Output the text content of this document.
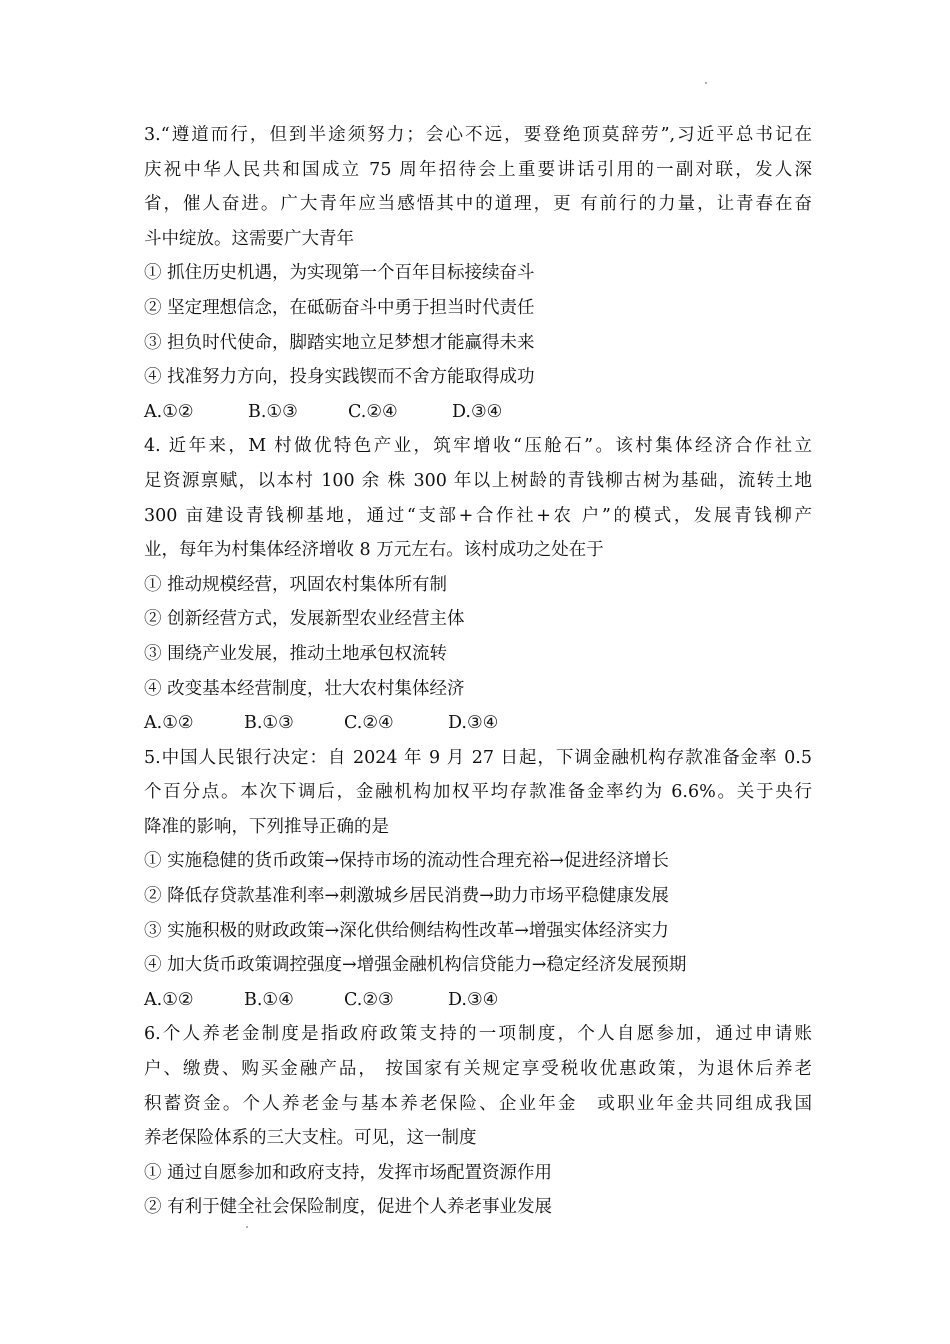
3.“遵道而行，但到半途须努力；会心不远，要登绝顶莫辞劳”,习近平总书记在
庆祝中华人民共和国成立 75 周年招待会上重要讲话引用的一副对联，发人深
省，催人奋进。广大青年应当感悟其中的道理，更 有前行的力量，让青春在奋
斗中绽放。这需要广大青年
① 抓住历史机遇，为实现第一个百年目标接续奋斗
② 坚定理想信念，在砥砺奋斗中勇于担当时代责任
③ 担负时代使命，脚踏实地立足梦想才能赢得未来
④ 找准努力方向，投身实践锲而不舍方能取得成功
A.①②	B.①③	C.②④	D.③④
4. 近年来，M 村做优特色产业，筑牢增收“压舱石”。该村集体经济合作社立
足资源禀赋，以本村 100 余 株 300 年以上树龄的青钱柳古树为基础，流转土地
300 亩建设青钱柳基地，通过“支部+合作社+农 户”的模式，发展青钱柳产
业，每年为村集体经济增收 8 万元左右。该村成功之处在于
① 推动规模经营，巩固农村集体所有制
② 创新经营方式，发展新型农业经营主体
③ 围绕产业发展，推动土地承包权流转
④ 改变基本经营制度，壮大农村集体经济
A.①②	B.①③	C.②④	D.③④
5.中国人民银行决定：自 2024 年 9 月 27 日起，下调金融机构存款准备金率 0.5
个百分点。本次下调后，金融机构加权平均存款准备金率约为 6.6%。关于央行
降准的影响，下列推导正确的是
① 实施稳健的货币政策→保持市场的流动性合理充裕→促进经济增长
② 降低存贷款基准利率→刺激城乡居民消费→助力市场平稳健康发展
③ 实施积极的财政政策→深化供给侧结构性改革→增强实体经济实力
④ 加大货币政策调控强度→增强金融机构信贷能力→稳定经济发展预期
A.①②	B.①④	C.②③	D.③④
6.个人养老金制度是指政府政策支持的一项制度，个人自愿参加，通过申请账
户、缴费、购买金融产品， 按国家有关规定享受税收优惠政策，为退休后养老
积蓄资金。个人养老金与基本养老保险、企业年金　或职业年金共同组成我国
养老保险体系的三大支柱。可见，这一制度
① 通过自愿参加和政府支持，发挥市场配置资源作用
② 有利于健全社会保险制度，促进个人养老事业发展
